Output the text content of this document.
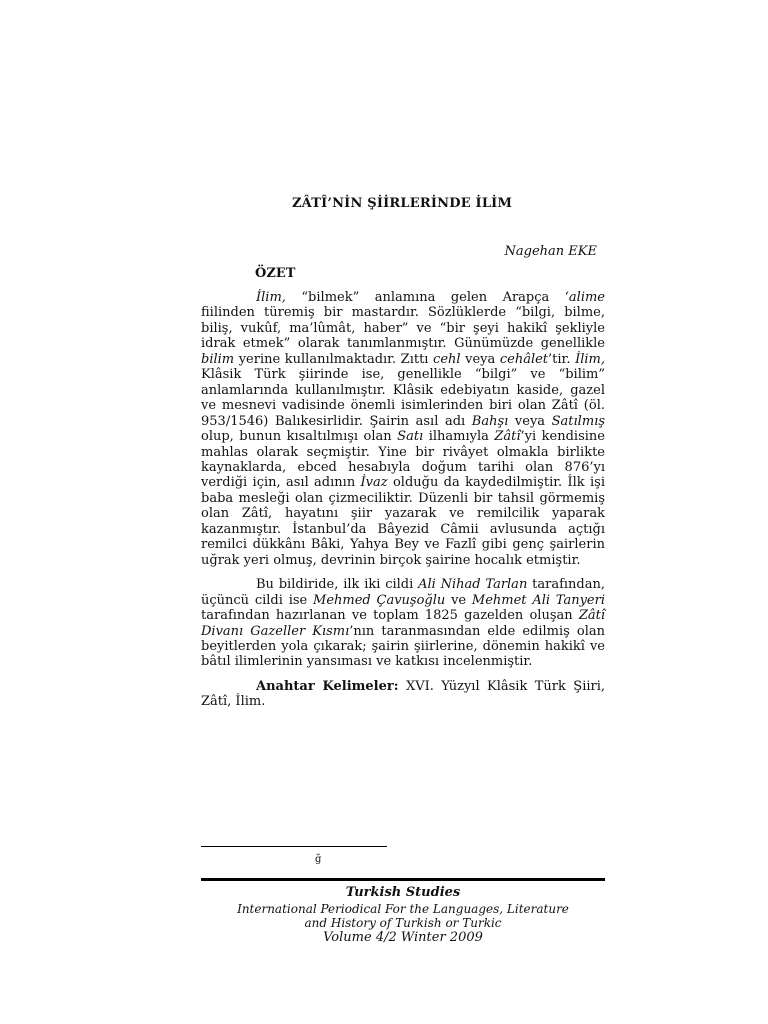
ZÂTÎ’NİN ŞİİRLERİNDE İLİM
Nagehan EKE
ÖZET

İlim, “bilmek” anlamına gelen Arapça ‘alime fiilinden türemiş bir mastardır. Sözlüklerde “bilgi, bilme, biliş, vukûf, ma’lûmât, haber” ve “bir şeyi hakikî şekliyle idrak etmek” olarak tanımlanmıştır. Günümüzde genellikle bilim yerine kullanılmaktadır. Zıttı cehl veya cehâlet’tir. İlim, Klâsik Türk şiirinde ise, genellikle “bilgi” ve “bilim” anlamlarında kullanılmıştır. Klâsik edebiyatın kaside, gazel ve mesnevi vadisinde önemli isimlerinden biri olan Zâtî (öl. 953/1546) Balıkesirlidir. Şairin asıl adı Bahşı veya Satılmış olup, bunun kısaltılmışı olan Satı ilhamıyla Zâtî’yi kendisine mahlas olarak seçmiştir. Yine bir rivâyet olmakla birlikte kaynaklarda, ebced hesabıyla doğum tarihi olan 876’yı verdiği için, asıl adının İvaz olduğu da kaydedilmiştir. İlk işi baba mesleği olan çizmeciliktir. Düzenli bir tahsil görmemiş olan Zâtî, hayatını şiir yazarak ve remilcilik yaparak kazanmıştır. İstanbul’da Bâyezid Câmii avlusunda açtığı remilci dükkânı Bâki, Yahya Bey ve Fazlî gibi genç şairlerin uğrak yeri olmuş, devrinin birçok şairine hocalık etmiştir.

Bu bildiride, ilk iki cildi Ali Nihad Tarlan tarafından, üçüncü cildi ise Mehmed Çavuşoğlu ve Mehmet Ali Tanyeri tarafından hazırlanan ve toplam 1825 gazelden oluşan Zâtî Divanı Gazeller Kısmı’nın taranmasından elde edilmiş olan beyitlerden yola çıkarak; şairin şiirlerine, dönemin hakikî ve bâtıl ilimlerinin yansıması ve katkısı incelenmiştir.

Anahtar Kelimeler: XVI. Yüzyıl Klâsik Türk Şiiri, Zâtî, İlim.

ğ
Turkish Studies
International Periodical For the Languages, Literature
and History of Turkish or Turkic
Volume 4/2 Winter 2009
